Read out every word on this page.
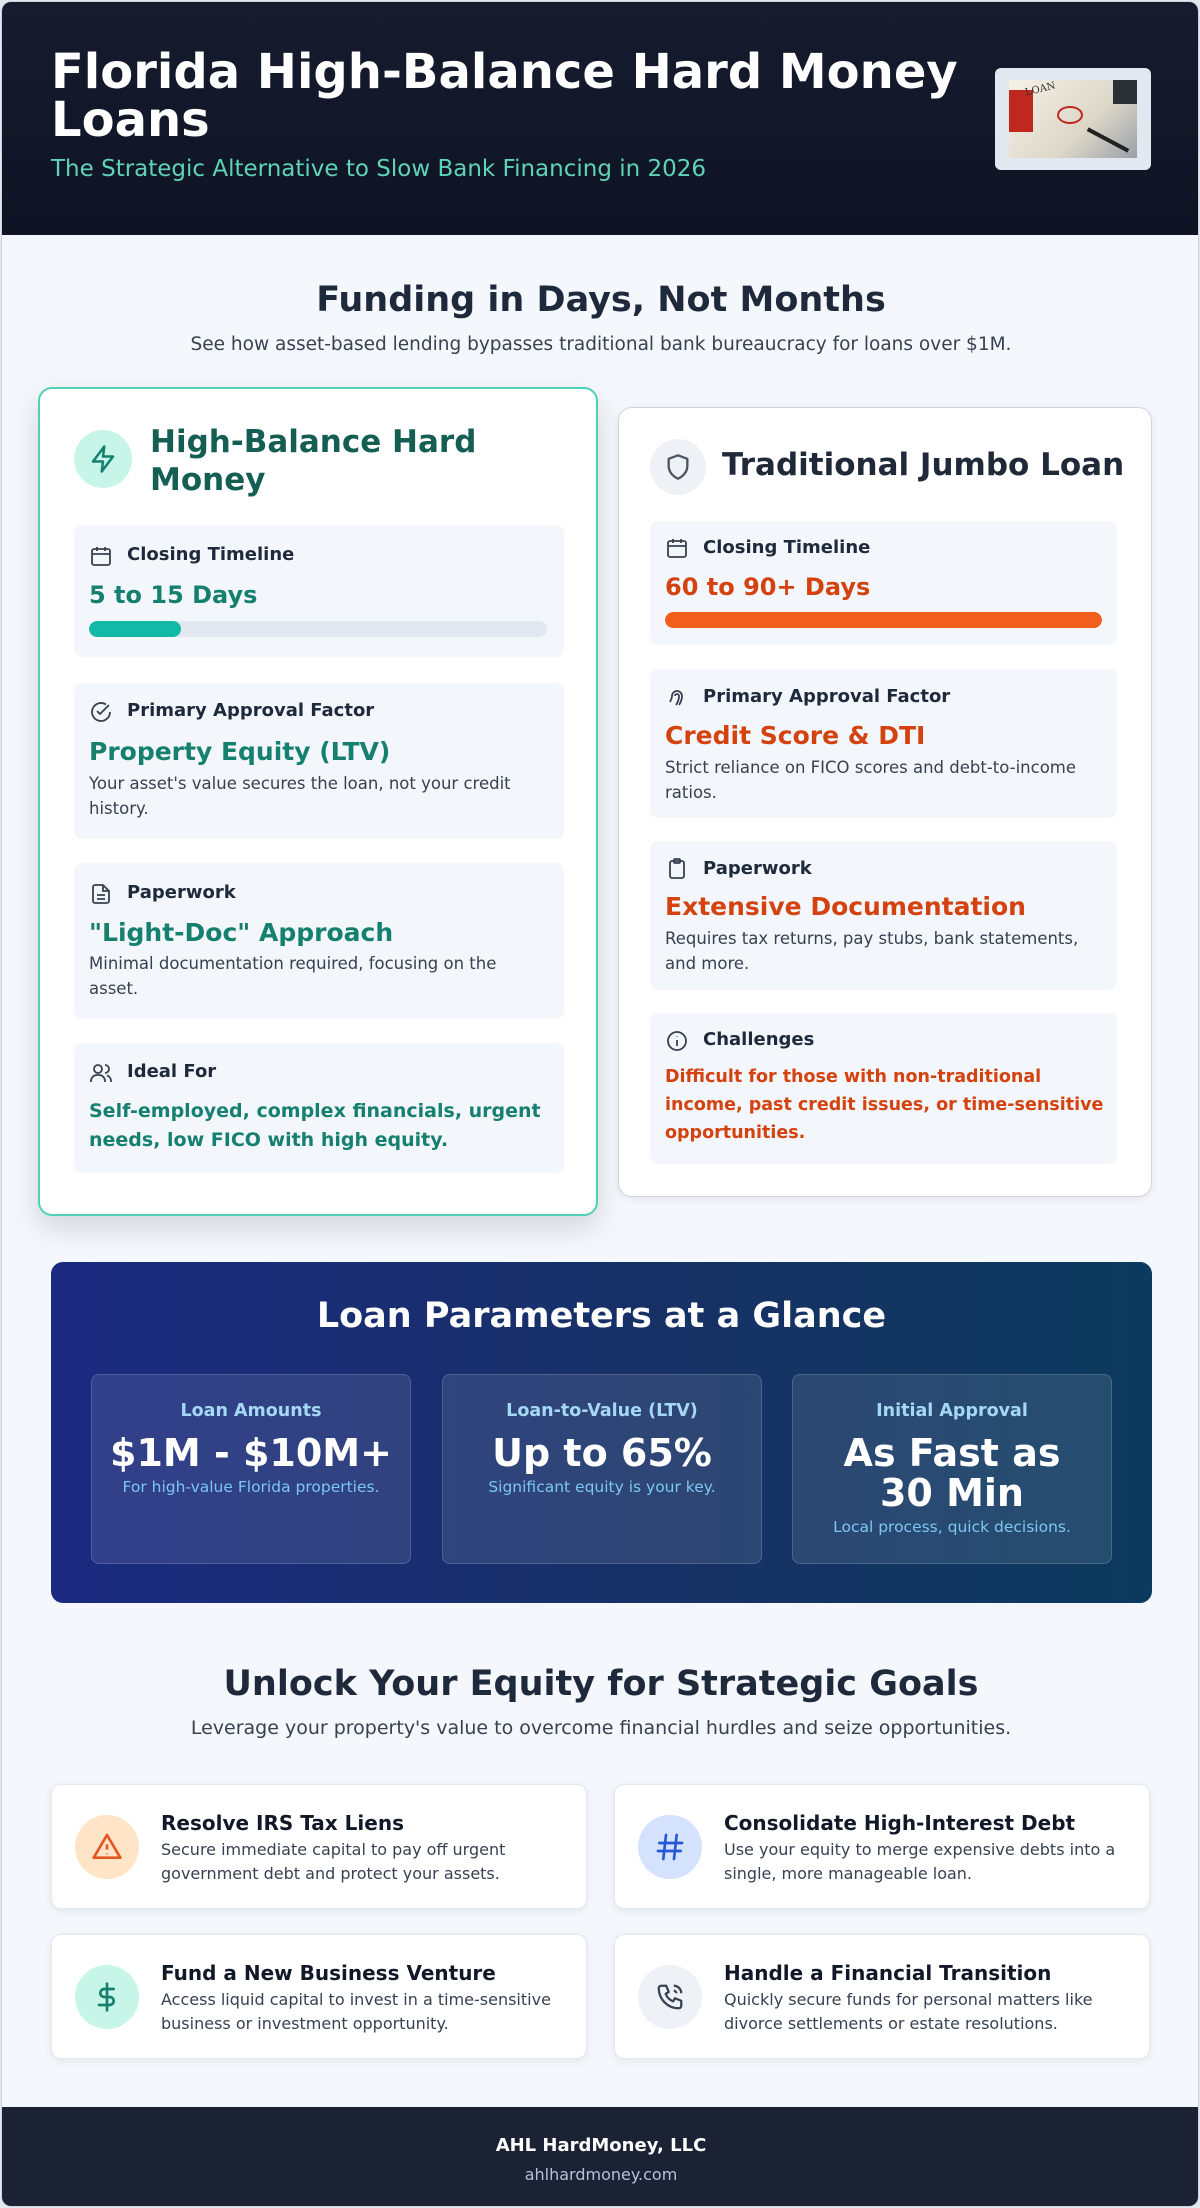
Florida High-Balance Hard Money Loans
The Strategic Alternative to Slow Bank Financing in 2026
LOAN
Funding in Days, Not Months
See how asset-based lending bypasses traditional bank bureaucracy for loans over $1M.
High-Balance Hard Money
Closing Timeline
5 to 15 Days
Primary Approval Factor
Property Equity (LTV)
Your asset's value secures the loan, not your credit history.
Paperwork
"Light-Doc" Approach
Minimal documentation required, focusing on the asset.
Ideal For
Self-employed, complex financials, urgent needs, low FICO with high equity.
Traditional Jumbo Loan
Closing Timeline
60 to 90+ Days
Primary Approval Factor
Credit Score & DTI
Strict reliance on FICO scores and debt-to-income ratios.
Paperwork
Extensive Documentation
Requires tax returns, pay stubs, bank statements, and more.
Challenges
Difficult for those with non-traditional income, past credit issues, or time-sensitive opportunities.
Loan Parameters at a Glance
Loan Amounts
$1M - $10M+
For high-value Florida properties.
Loan-to-Value (LTV)
Up to 65%
Significant equity is your key.
Initial Approval
As Fast as 30 Min
Local process, quick decisions.
Unlock Your Equity for Strategic Goals
Leverage your property's value to overcome financial hurdles and seize opportunities.
Resolve IRS Tax Liens
Secure immediate capital to pay off urgent government debt and protect your assets.
Consolidate High-Interest Debt
Use your equity to merge expensive debts into a single, more manageable loan.
Fund a New Business Venture
Access liquid capital to invest in a time-sensitive business or investment opportunity.
Handle a Financial Transition
Quickly secure funds for personal matters like divorce settlements or estate resolutions.
AHL HardMoney, LLC
ahlhardmoney.com
